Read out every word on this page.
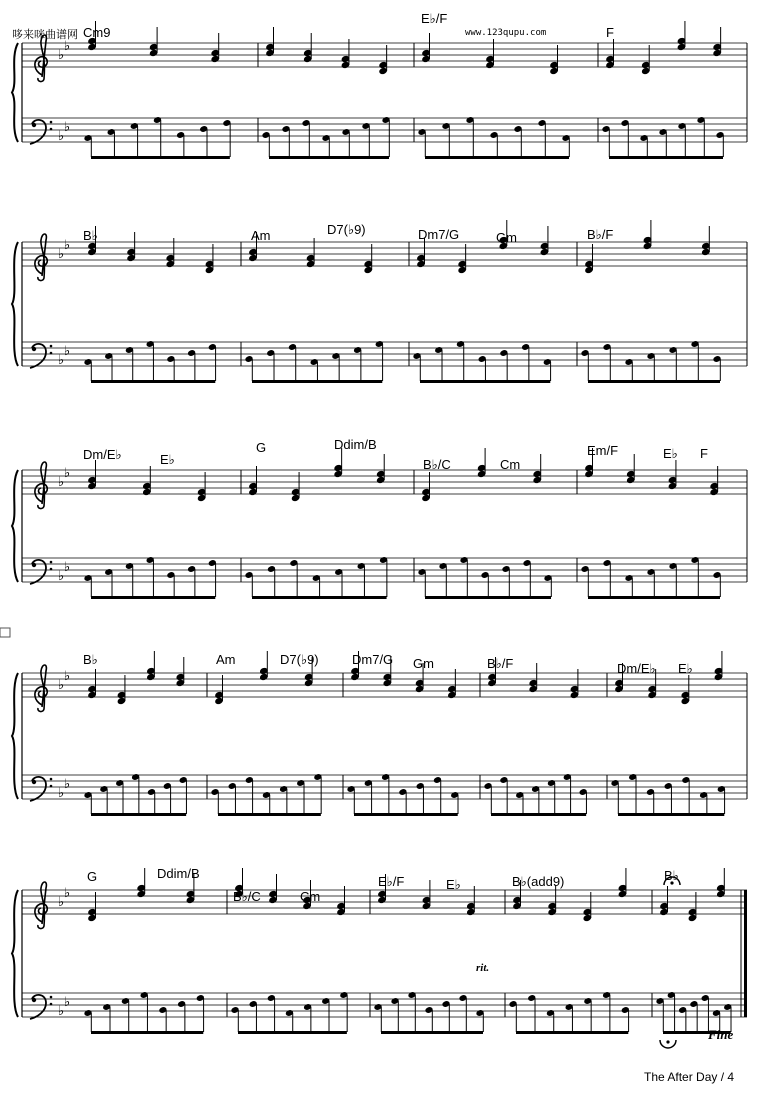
♭
♭
♭
♭
♭
♭
♭
♭
♭
♭
♭
♭
♭
♭
♭
♭
♭
♭
♭
♭
哆来咪曲谱网	www.123qupu.com
The After Day / 4
rit.
Fine
Cm9
E♭/F
F
B♭	Am	D7(♭9)	Dm7/G	Gm	B♭/F
Dm/E♭	E♭
G	Ddim/B
B♭/C	Cm
Em/F	E♭ F
B♭	Am	D7(♭9)	Dm7/G Gm	B♭/F	Dm/E♭ E♭
G	Ddim/B
B♭/C	Cm
E♭/F	E♭	B♭(add9)	B♭
